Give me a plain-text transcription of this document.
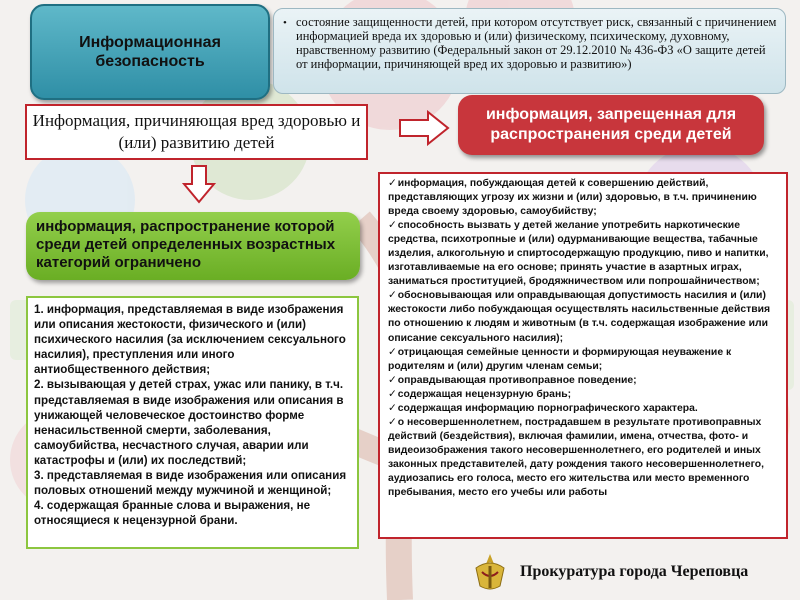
Информационная безопасность
• состояние защищенности детей, при котором отсутствует риск, связанный с причинением информацией вреда их здоровью и (или) физическому, психическому, духовному, нравственному развитию (Федеральный закон от 29.12.2010 № 436-ФЗ «О защите детей от информации, причиняющей вред их здоровью и развитию»)
Информация, причиняющая вред здоровью и (или) развитию детей
информация, запрещенная для распространения среди детей
информация, распространение которой среди детей определенных возрастных категорий ограничено

1. информация, представляемая в виде изображения или описания жестокости, физического и (или) психического насилия (за исключением сексуального насилия), преступления или иного антиобщественного действия;

2. вызывающая у детей страх, ужас или панику, в т.ч. представляемая в виде изображения или описания в унижающей человеческое достоинство форме ненасильственной смерти, заболевания, самоубийства, несчастного случая, аварии или катастрофы и (или) их последствий;

3. представляемая в виде изображения или описания половых отношений между мужчиной и женщиной;

4. содержащая бранные слова и выражения, не относящиеся к нецензурной брани.

✓информация, побуждающая детей к совершению действий, представляющих угрозу их жизни и (или) здоровью, в т.ч. причинению вреда своему здоровью, самоубийству;

✓способность вызвать у детей желание употребить наркотические средства, психотропные и (или) одурманивающие вещества, табачные изделия, алкогольную и спиртосодержащую продукцию, пиво и напитки, изготавливаемые на его основе; принять участие в азартных играх, заниматься проституцией, бродяжничеством или попрошайничеством;

✓обосновывающая или оправдывающая допустимость насилия и (или) жестокости либо побуждающая осуществлять насильственные действия по отношению к людям и животным (в т.ч. содержащая изображение или описание сексуального насилия);

✓отрицающая семейные ценности и формирующая неуважение к родителям и (или) другим членам семьи;

✓оправдывающая противоправное поведение;

✓содержащая нецензурную брань;

✓содержащая информацию порнографического характера.

✓о несовершеннолетнем, пострадавшем в результате противоправных действий (бездействия), включая фамилии, имена, отчества, фото- и видеоизображения такого несовершеннолетнего, его родителей и иных законных представителей, дату рождения такого несовершеннолетнего, аудиозапись его голоса, место его жительства или место временного пребывания, место его учебы или работы

Прокуратура города Череповца
